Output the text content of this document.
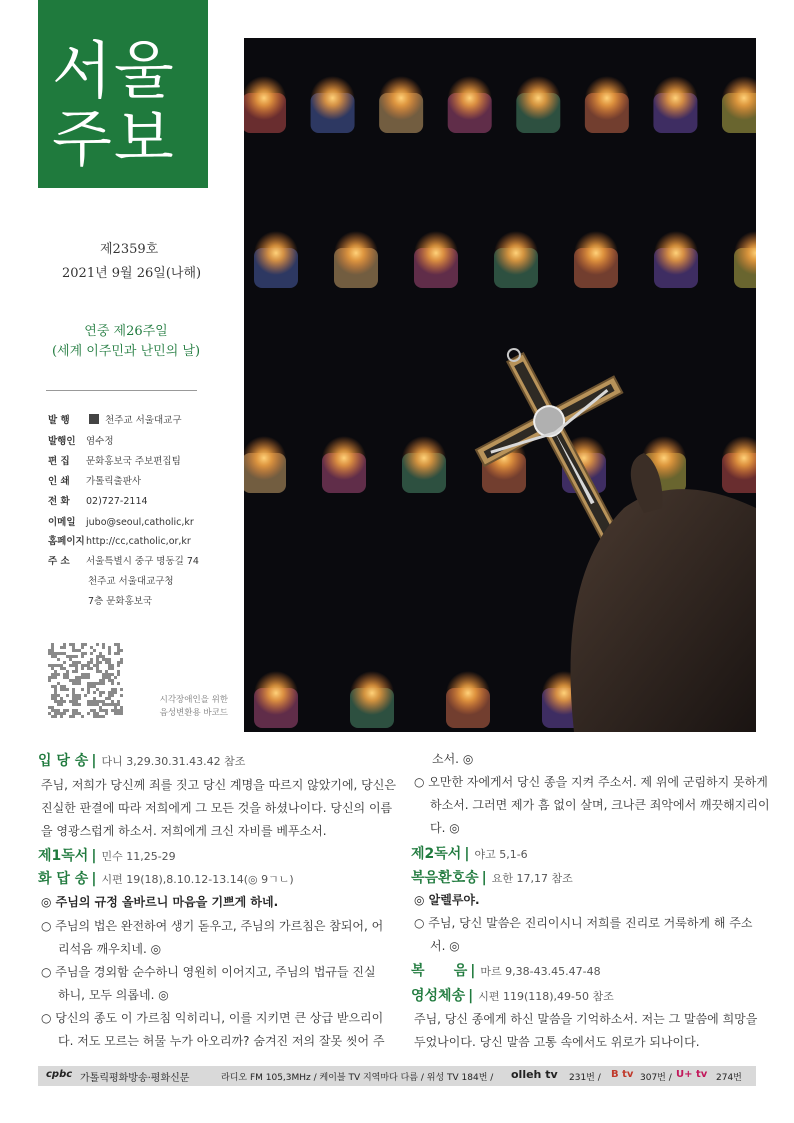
서울
주보
제2359호
2021년 9월 26일(나해)
연중 제26주일
(세계 이주민과 난민의 날)
발 행	천주교 서울대교구
발행인 염수정
편 집 문화홍보국 주보편집팀
인 쇄 가톨릭출판사
전 화 02)727-2114
이메일 jubo@seoul,catholic,kr
홈페이지http://cc,catholic,or,kr
주 소 서울특별시 중구 명동길 74
천주교 서울대교구청
7층 문화홍보국
시각장애인을 위한
음성변환용 바코드
입 당 송 | 다니 3,29.30.31.43.42 참조
주님, 저희가 당신께 죄를 짓고 당신 계명을 따르지 않았기에, 당신은
진실한 판결에 따라 저희에게 그 모든 것을 하셨나이다. 당신의 이름
을 영광스럽게 하소서. 저희에게 크신 자비를 베푸소서.
제1독서 | 민수 11,25-29
화 답 송 | 시편 19(18),8.10.12-13.14(◎ 9ㄱㄴ)
◎ 주님의 규정 올바르니 마음을 기쁘게 하네.
○ 주님의 법은 완전하여 생기 돋우고, 주님의 가르침은 참되어, 어
리석음 깨우치네. ◎
○ 주님을 경외함 순수하니 영원히 이어지고, 주님의 법규들 진실
하니, 모두 의롭네. ◎
○ 당신의 종도 이 가르침 익히리니, 이를 지키면 큰 상급 받으리이
다. 저도 모르는 허물 누가 아오리까? 숨겨진 저의 잘못 씻어 주
소서. ◎
○ 오만한 자에게서 당신 종을 지켜 주소서. 제 위에 군림하지 못하게
하소서. 그러면 제가 흠 없이 살며, 크나큰 죄악에서 깨끗해지리이
다. ◎
제2독서 | 야고 5,1-6
복음환호송 | 요한 17,17 참조
◎ 알렐루야.
○ 주님, 당신 말씀은 진리이시니 저희를 진리로 거룩하게 해 주소
서. ◎
복      음 | 마르 9,38-43.45.47-48
영성체송 | 시편 119(118),49-50 참조
주님, 당신 종에게 하신 말씀을 기억하소서. 저는 그 말씀에 희망을
두었나이다. 당신 말씀 고통 속에서도 위로가 되나이다.
cpbc 가톨릭평화방송·평화신문	라디오 FM 105,3MHz / 케이블 TV 지역마다 다름 / 위성 TV 184번 / olleh tv 231번 / B tv 307번 / U+ tv 274번
